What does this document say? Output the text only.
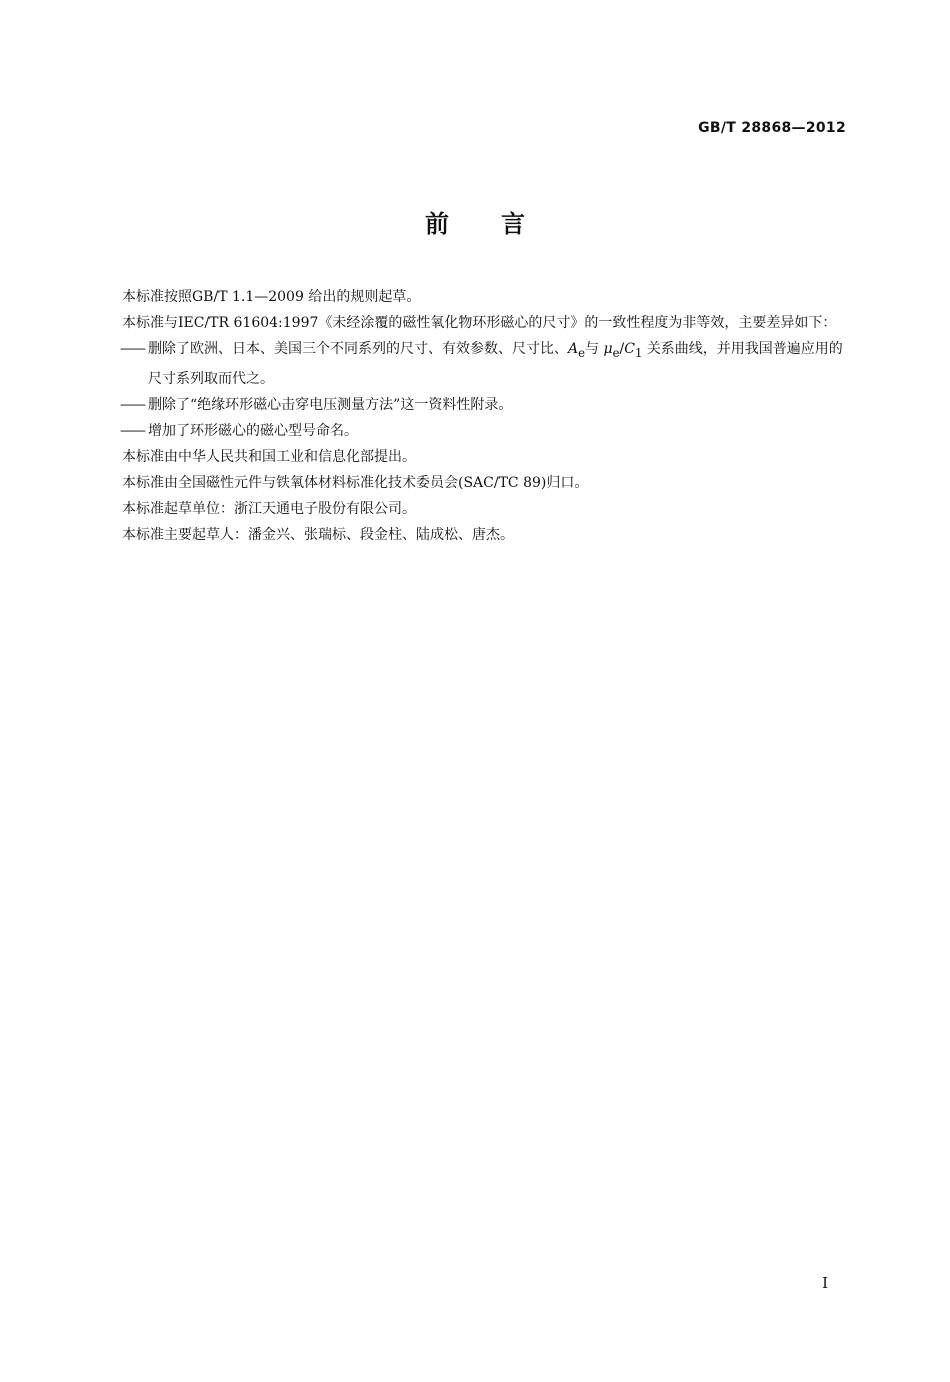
GB/T 28868—2012
前言

本标准按照GB/T 1.1—2009 给出的规则起草。

本标准与IEC/TR 61604:1997《未经涂覆的磁性氧化物环形磁心的尺寸》的一致性程度为非等效，主要差异如下：

—— 删除了欧洲、日本、美国三个不同系列的尺寸、有效参数、尺寸比、$A_e$与 $\mu_e/C_1$ 关系曲线，并用我国普遍应用的尺寸系列取而代之。

—— 删除了“绝缘环形磁心击穿电压测量方法”这一资料性附录。

—— 增加了环形磁心的磁心型号命名。

本标准由中华人民共和国工业和信息化部提出。

本标准由全国磁性元件与铁氧体材料标准化技术委员会(SAC/TC 89)归口。

本标准起草单位：浙江天通电子股份有限公司。

本标准主要起草人：潘金兴、张瑞标、段金柱、陆成松、唐杰。

I
